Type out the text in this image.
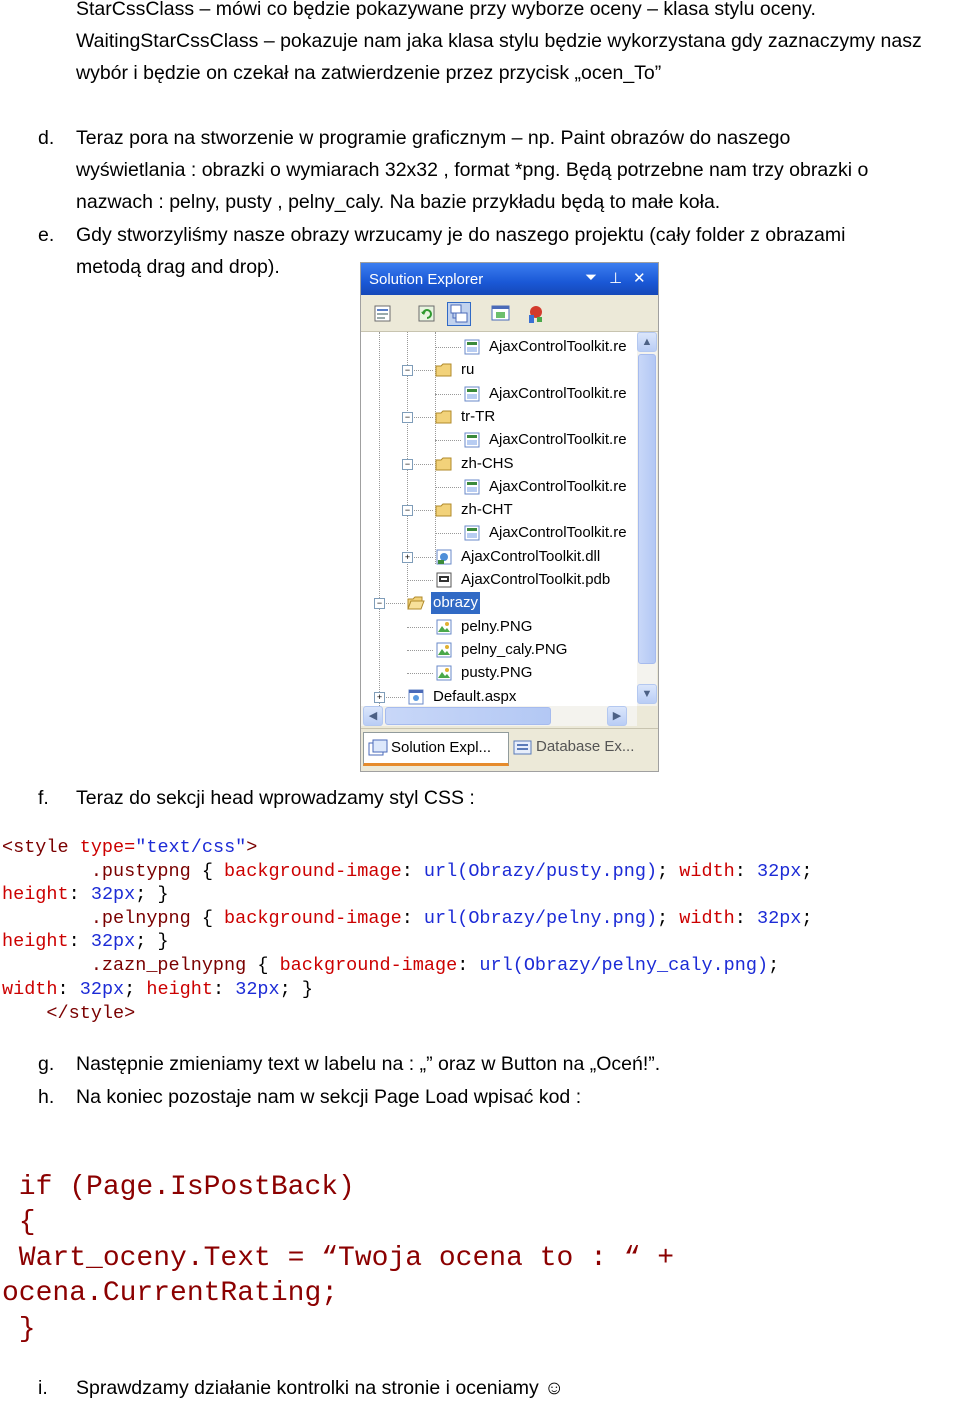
StarCssClass – mówi co będzie pokazywane przy wyborze oceny – klasa stylu oceny.
WaitingStarCssClass – pokazuje nam jaka klasa stylu będzie wykorzystana gdy zaznaczymy nasz
wybór i będzie on czekał na zatwierdzenie przez przycisk „ocen_To”
d. Teraz pora na stworzenie w programie graficznym – np. Paint obrazów do naszego
wyświetlania : obrazki o wymiarach 32x32 , format *png. Będą potrzebne nam trzy obrazki o
nazwach : pelny, pusty , pelny_caly. Na bazie przykładu będą to małe koła.
e. Gdy stworzyliśmy nasze obrazy wrzucamy je do naszego projektu (cały folder z obrazami
metodą drag and drop).
Solution Explorer	⏷ ⊥ ✕
AjaxControlToolkit.re
−	ru
AjaxControlToolkit.re
−	tr-TR
AjaxControlToolkit.re
−	zh-CHS
AjaxControlToolkit.re
−	zh-CHT
AjaxControlToolkit.re
+	AjaxControlToolkit.dll
AjaxControlToolkit.pdb
−	obrazy
pelny.PNG
pelny_caly.PNG
pusty.PNG
+	Default.aspx
▲
▼
◀	▶
Solution Expl...	Database Ex...
f. Teraz do sekcji head wprowadzamy styl CSS :
<style type="text/css">
.pustypng { background-image: url(Obrazy/pusty.png); width: 32px;
height: 32px; }
.pelnypng { background-image: url(Obrazy/pelny.png); width: 32px;
height: 32px; }
.zazn_pelnypng { background-image: url(Obrazy/pelny_caly.png);
width: 32px; height: 32px; }
</style>
g. Następnie zmieniamy text w labelu na : „” oraz w Button na „Oceń!”.
h. Na koniec pozostaje nam w sekcji Page Load wpisać kod :
if (Page.IsPostBack)
{
Wart_oceny.Text = “Twoja ocena to : “ +
ocena.CurrentRating;
}
i. Sprawdzamy działanie kontrolki na stronie i oceniamy ☺
